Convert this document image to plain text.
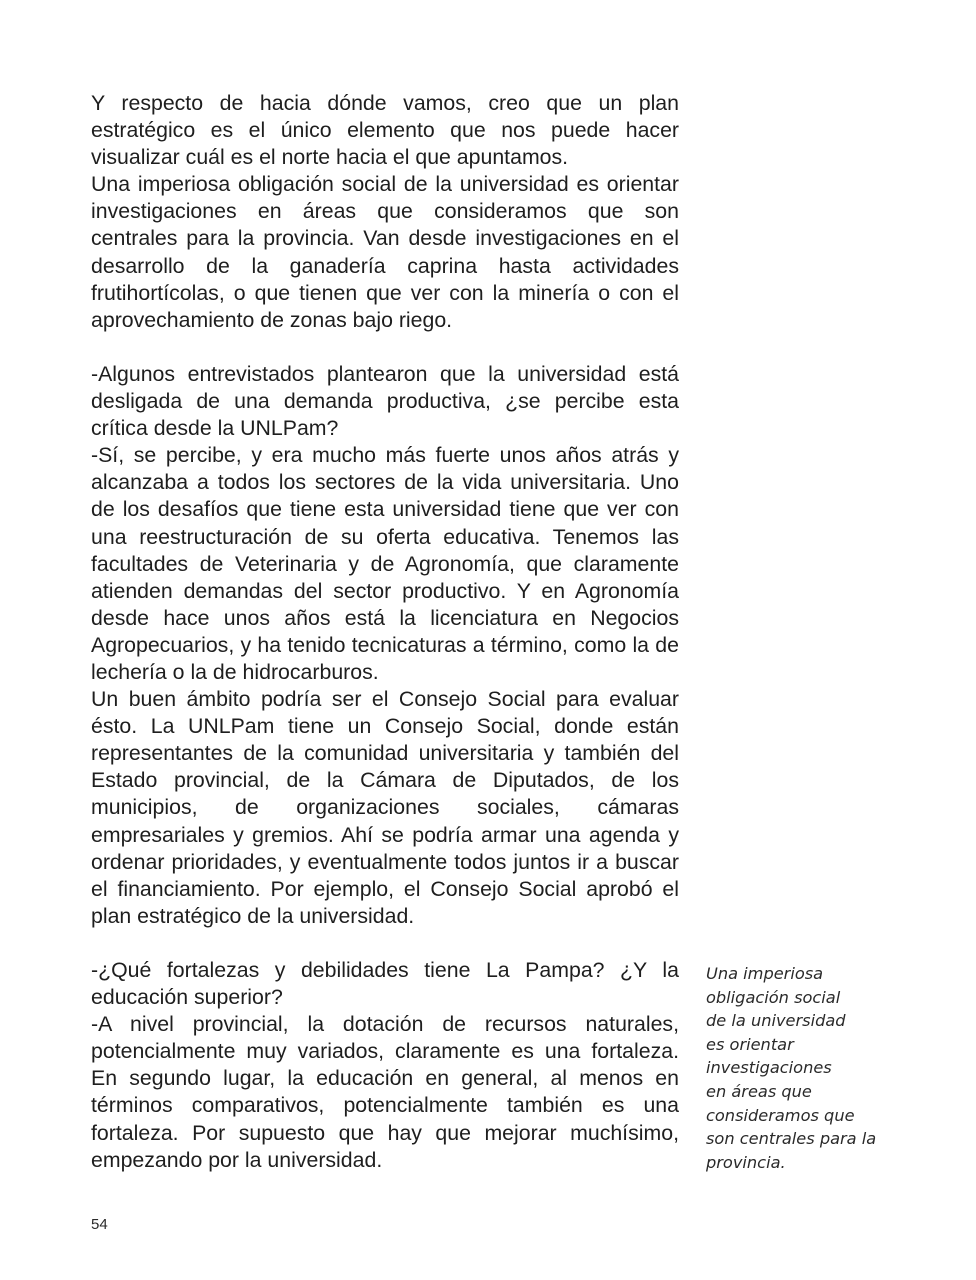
Y respecto de hacia dónde vamos, creo que un plan estratégico es el único elemento que nos puede hacer visualizar cuál es el norte hacia el que apuntamos.

Una imperiosa obligación social de la universidad es orientar investigaciones en áreas que consideramos que son centrales para la provincia. Van desde investigaciones en el desarrollo de la ganadería caprina hasta actividades frutihortícolas, o que tienen que ver con la minería o con el aprovechamiento de zonas bajo riego.

-Algunos entrevistados plantearon que la universidad está desligada de una demanda productiva, ¿se percibe esta crítica desde la UNLPam?

-Sí, se percibe, y era mucho más fuerte unos años atrás y alcanzaba a todos los sectores de la vida universitaria. Uno de los desafíos que tiene esta universidad tiene que ver con una reestructuración de su oferta educativa. Tenemos las facultades de Veterinaria y de Agronomía, que claramente atienden demandas del sector productivo. Y en Agronomía desde hace unos años está la licenciatura en Negocios Agropecuarios, y ha tenido tecnicaturas a término, como la de lechería o la de hidrocarburos.

Un buen ámbito podría ser el Consejo Social para evaluar ésto. La UNLPam tiene un Consejo Social, donde están representantes de la comunidad universitaria y también del Estado provincial, de la Cámara de Diputados, de los municipios, de organizaciones sociales, cámaras empresariales y gremios. Ahí se podría armar una agenda y ordenar prioridades, y eventualmente todos juntos ir a buscar el financiamiento. Por ejemplo, el Consejo Social aprobó el plan estratégico de la universidad.

-¿Qué fortalezas y debilidades tiene La Pampa? ¿Y la educación superior?

-A nivel provincial, la dotación de recursos naturales, potencialmente muy variados, claramente es una fortaleza. En segundo lugar, la educación en general, al menos en términos comparativos, potencialmente también es una fortaleza. Por supuesto que hay que mejorar muchísimo, empezando por la universidad.

Una imperiosa
obligación social
de la universidad
es orientar
investigaciones
en áreas que
consideramos que
son centrales para la
provincia.
54
